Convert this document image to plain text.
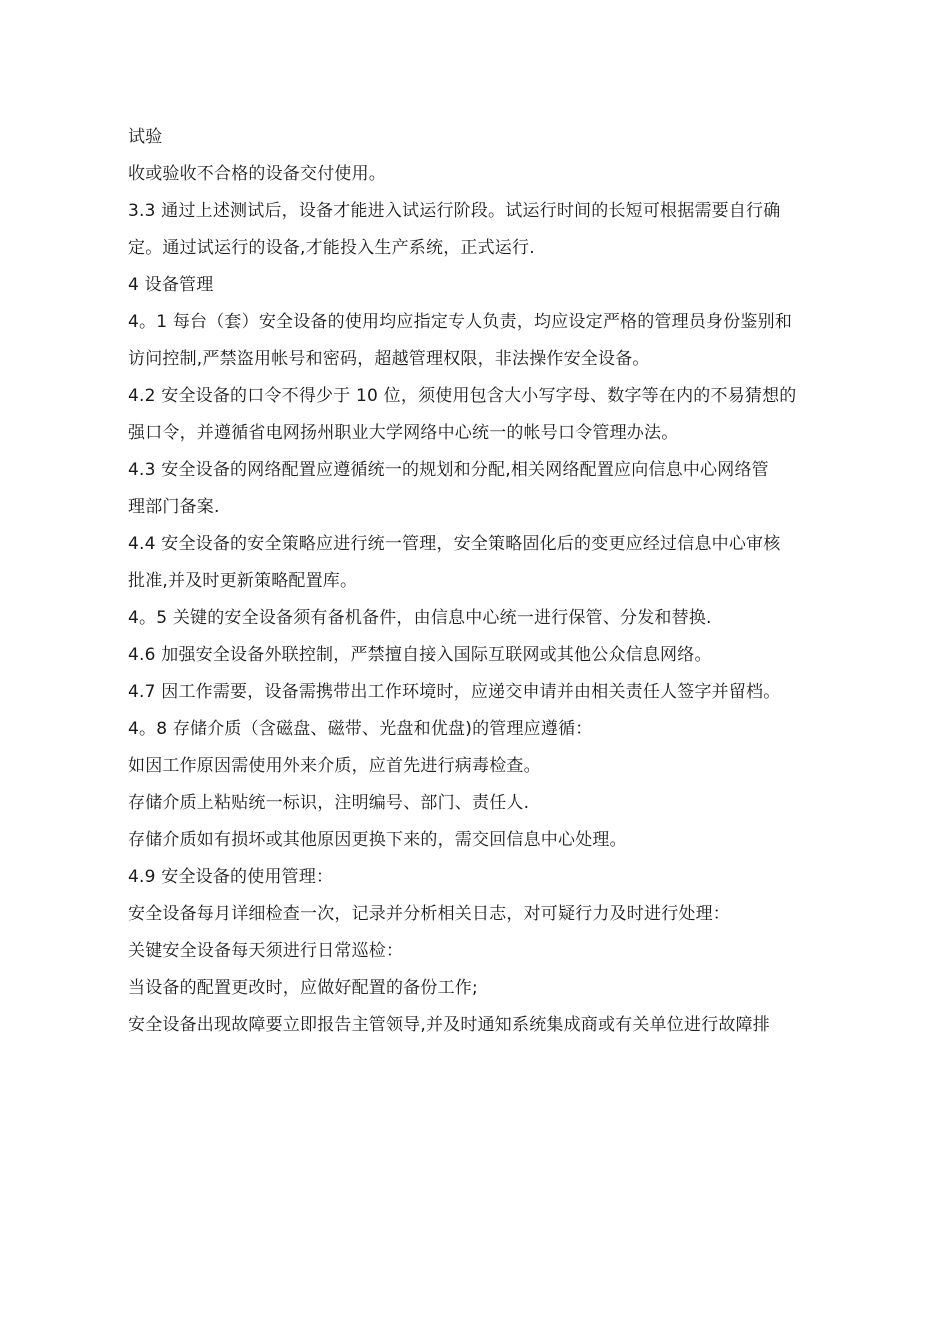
试验

收或验收不合格的设备交付使用。

3.3 通过上述测试后，设备才能进入试运行阶段。试运行时间的长短可根据需要自行确

定。通过试运行的设备,才能投入生产系统，正式运行.

4 设备管理

4。1 每台（套）安全设备的使用均应指定专人负责，均应设定严格的管理员身份鉴别和

访问控制,严禁盗用帐号和密码，超越管理权限，非法操作安全设备。

4.2 安全设备的口令不得少于 10 位，须使用包含大小写字母、数字等在内的不易猜想的

强口令，并遵循省电网扬州职业大学网络中心统一的帐号口令管理办法。

4.3 安全设备的网络配置应遵循统一的规划和分配,相关网络配置应向信息中心网络管

理部门备案.

4.4 安全设备的安全策略应进行统一管理，安全策略固化后的变更应经过信息中心审核

批准,并及时更新策略配置库。

4。5 关键的安全设备须有备机备件，由信息中心统一进行保管、分发和替换.

4.6 加强安全设备外联控制，严禁擅自接入国际互联网或其他公众信息网络。

4.7 因工作需要，设备需携带出工作环境时，应递交申请并由相关责任人签字并留档。

4。8 存储介质（含磁盘、磁带、光盘和优盘)的管理应遵循：

如因工作原因需使用外来介质，应首先进行病毒检查。

存储介质上粘贴统一标识，注明编号、部门、责任人.

存储介质如有损坏或其他原因更换下来的，需交回信息中心处理。

4.9 安全设备的使用管理：

安全设备每月详细检查一次，记录并分析相关日志，对可疑行力及时进行处理：

关键安全设备每天须进行日常巡检：

当设备的配置更改时，应做好配置的备份工作;

安全设备出现故障要立即报告主管领导,并及时通知系统集成商或有关单位进行故障排
